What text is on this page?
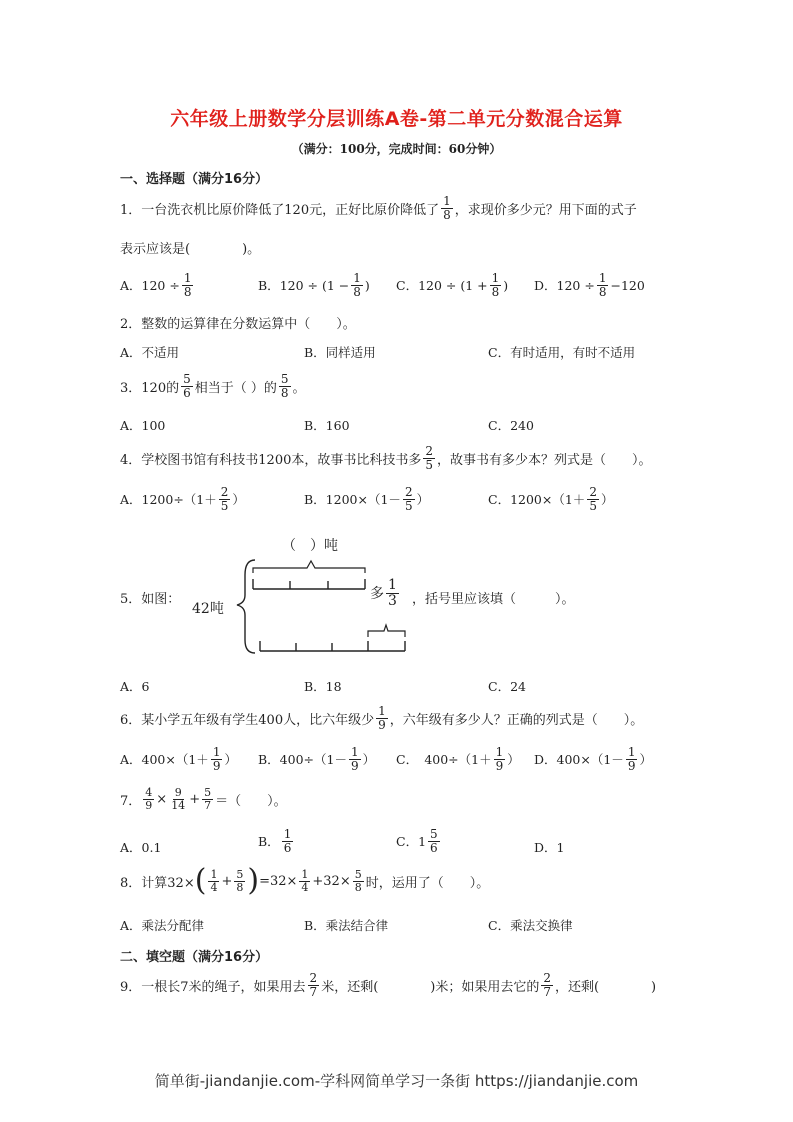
六年级上册数学分层训练A卷-第二单元分数混合运算
（满分：100分，完成时间：60分钟）
一、选择题（满分16分）
1．一台洗衣机比原价降低了120元，正好比原价降低了 $\frac{1}{8}$ ，求现价多少元？用下面的式子
表示应该是(　　　　)。
A． $120 \div \frac{1}{8}$	B． $120 \div (1 - \frac{1}{8}$ ) C． $120 \div (1 + \frac{1}{8}$ ) D． $120 \div \frac{1}{8} -120$
2．整数的运算律在分数运算中（　　）。
A．不适用	B．同样适用	C．有时适用，有时不适用
3．120的 $\frac{5}{6}$ 相当于（ ）的 $\frac{5}{8}$ 。
A．100	B．160	C．240
4．学校图书馆有科技书1200本，故事书比科技书多 $\frac{2}{5}$ ，故事书有多少本？列式是（　　）。
A．$1200\div(1+ \frac{2}{5}$ ）	B．$1200\times(1- \frac{2}{5}$ ）	C．$1200\times(1+ \frac{2}{5}$ ）
5．如图：
（　）吨
42吨
多 $\frac{1}{3}$ ，括号里应该填（　　　）。
A．6	B．18	C．24
6．某小学五年级有学生400人，比六年级少 $\frac{1}{9}$ ，六年级有多少人？正确的列式是（　　）。
A．$400\times(1+ \frac{1}{9}$ ） B．$400\div(1- \frac{1}{9}$ ） C．　$400\div(1+ \frac{1}{9}$ ） D．$400\times(1- \frac{1}{9}$ ）
7． $\frac{4}{9} \times \frac{9}{14} + \frac{5}{7}$ ＝（　　）。
A．0.1	B． $\frac{1}{6}$	C．$1 \frac{5}{6}$	D．1
8．计算32× ( $\frac{1}{4} + \frac{5}{8}$ ) $=32\times \frac{1}{4} +32\times \frac{5}{8}$ 时，运用了（　　）。
A．乘法分配律	B．乘法结合律	C．乘法交换律
二、填空题（满分16分）
9．一根长7米的绳子，如果用去 $\frac{2}{7}$ 米，还剩(　　　　)米；如果用去它的 $\frac{2}{7}$ ，还剩(　　　　)
简单街-jiandanjie.com-学科网简单学习一条街 https://jiandanjie.com
